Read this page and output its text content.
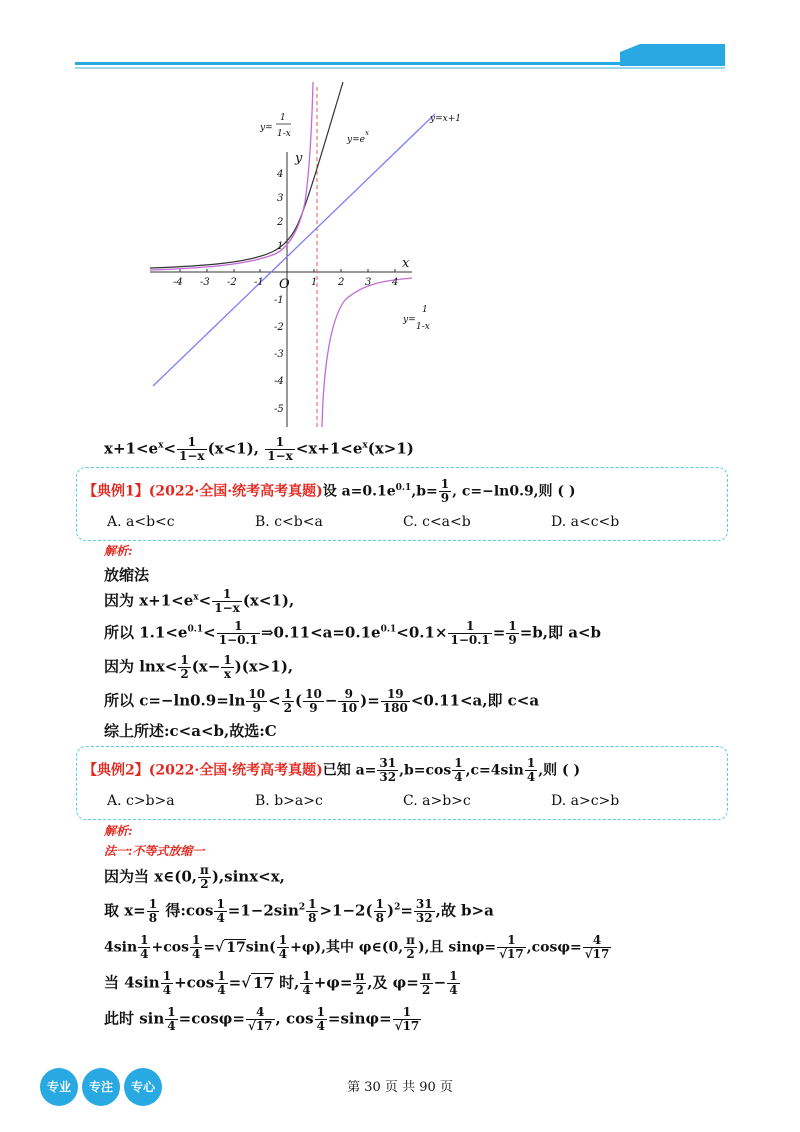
y
x
O
-4 -3 -2 -1	1 2 3 4
4
3
2
1
-1
-2
-3
-4
-5
y=
1
1-x
y=e
x
y=x+1
y=
1
1-x
$x+1<e^x< \frac{1}{1-x} (x<1)$, $\frac{1}{1-x} <x+1<e^x(x>1)$
【典例1】(2022·全国·统考高考真题)设 $a=0.1e^{0.1},b= \frac{1}{9}$ , c=−ln0.9,则 ( )
A. a<b<c	B. c<b<a	C. c<a<b	D. a<c<b
解析:
放缩法
因为 $x+1<e^x< \frac{1}{1-x} (x<1)$,
所以 $1.1<e^{0.1}< \frac{1}{1-0.1}$ $\Rightarrow 0.11<a=0.1e^{0.1}<0.1\times \frac{1}{1-0.1} = \frac{1}{9} =b$,即 a<b
因为 $\ln x< \frac{1}{2} (x- \frac{1}{x} )(x>1)$,
所以 $c=-\ln 0.9=\ln \frac{10}{9} < \frac{1}{2}$ ( $\frac{10}{9} - \frac{9}{10}$ )= $\frac{19}{180} <0.11<a$,即 c<a
综上所述:c<a<b,故选:C
【典例2】(2022·全国·统考高考真题)已知 $a= \frac{31}{32} ,b=\cos \frac{1}{4} ,c=4\sin \frac{1}{4}$ ,则 ( )
A. c>b>a	B. b>a>c	C. a>b>c	D. a>c>b
解析:
法一:不等式放缩一
因为当 x∈(0, $\frac{\pi}{2} ),\sin x<x$,
取 $x= \frac{1}{8}$ 得:cos $\frac{1}{4} =1-2\sin^2 \frac{1}{8} >1-2( \frac{1}{8} )^2= \frac{31}{32}$ ,故 b>a
$4\sin \frac{1}{4} +\cos \frac{1}{4}$ =√ $17\sin( \frac{1}{4} +\varphi)$,其中 φ∈(0, $\frac{\pi}{2}$ ),且 $\sin\varphi= \frac{1}{√17} ,\cos\varphi= \frac{4}{√17}$
当 $4\sin \frac{1}{4} +\cos \frac{1}{4}$ =√ 17 时, $\frac{1}{4} +\varphi= \frac{\pi}{2}$ ,及 $\varphi= \frac{\pi}{2} - \frac{1}{4}$
此时 $\sin \frac{1}{4} =\cos\varphi= \frac{4}{√17}$ , $\cos \frac{1}{4} =\sin\varphi= \frac{1}{√17}$
专业	专注	专心	第 30 页 共 90 页
